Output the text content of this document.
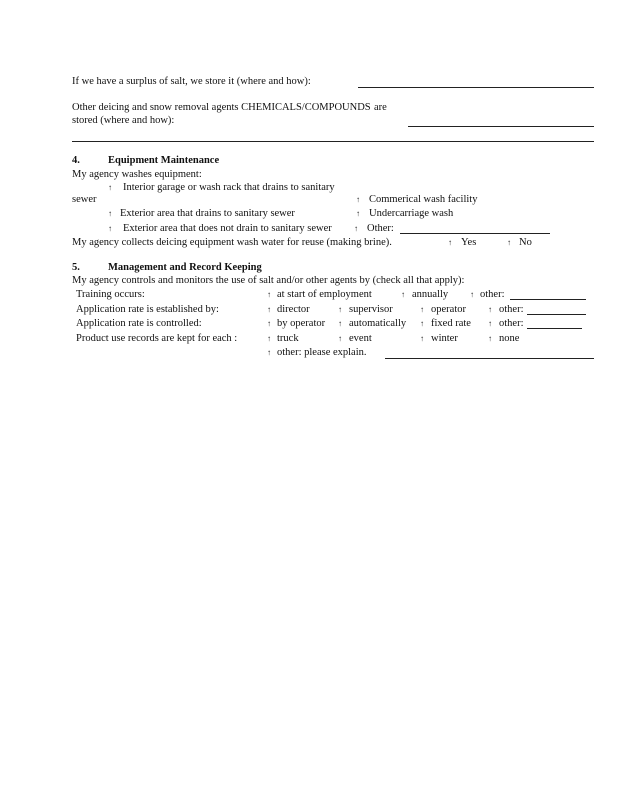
If we have a surplus of salt, we store it (where and how):
Other deicing and snow removal agents CHEMICALS/COMPOUNDS are
stored (where and how):
4.	Equipment Maintenance
My agency washes equipment:
↑ Interior garage or wash rack that drains to sanitary
sewer	↑ Commerical wash facility
↑ Exterior area that drains to sanitary sewer	↑ Undercarriage wash
↑ Exterior area that does not drain to sanitary sewer	↑ Other:
My agency collects deicing equipment wash water for reuse (making brine).	↑ Yes	↑ No
5.	Management and Record Keeping
My agency controls and monitors the use of salt and/or other agents by (check all that apply):
Training occurs:	↑ at start of employment	↑ annually	↑ other:
Application rate is established by:	↑ director	↑ supervisor	↑ operator	↑ other:
Application rate is controlled:	↑ by operator	↑ automatically	↑ fixed rate	↑ other:
Product use records are kept for each :	↑ truck	↑ event	↑ winter	↑ none
↑ other: please explain.
